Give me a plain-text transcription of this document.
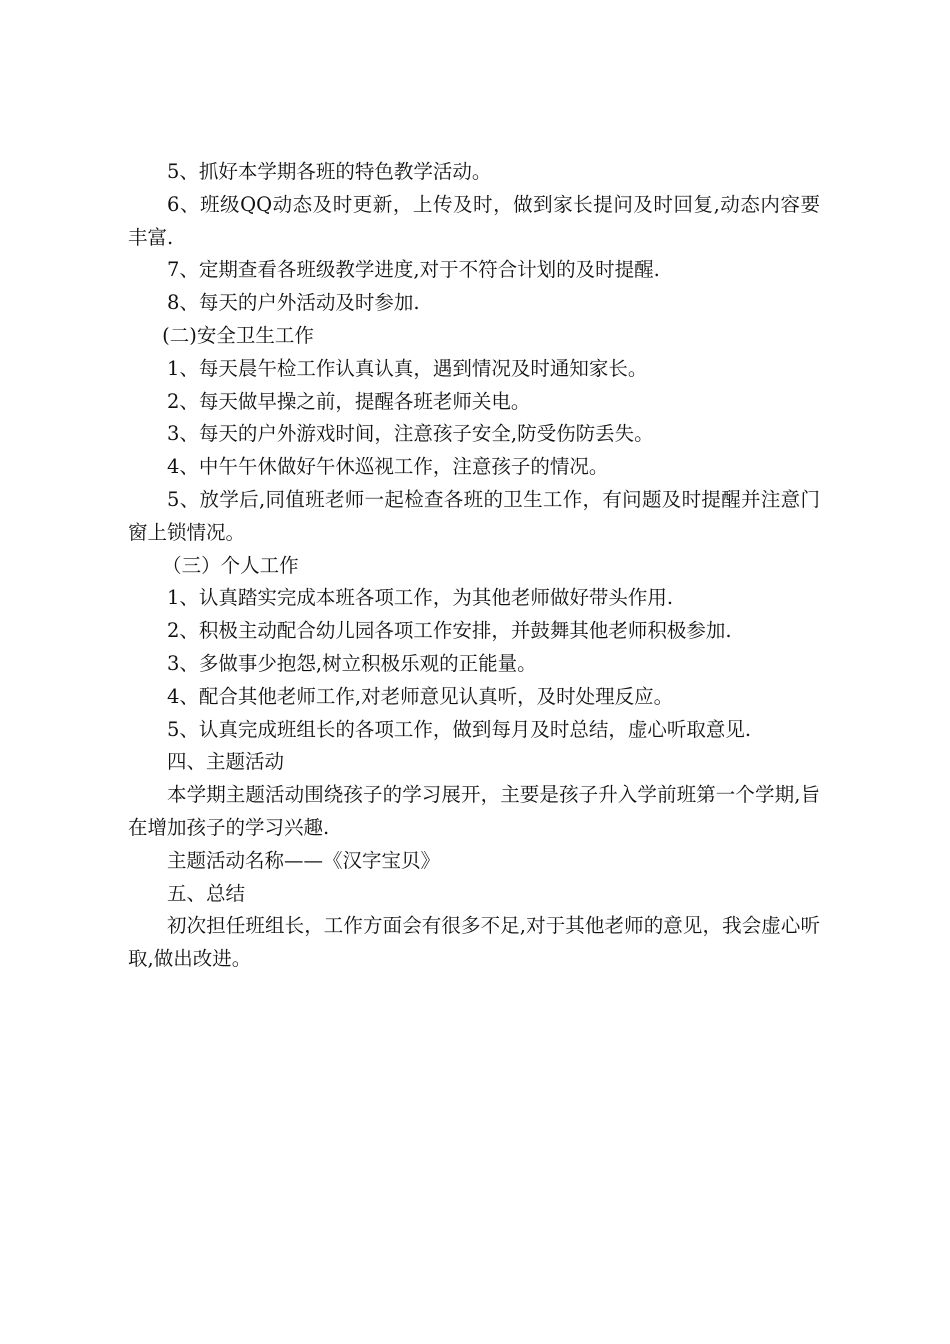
5、抓好本学期各班的特色教学活动。

6、班级QQ动态及时更新，上传及时，做到家长提问及时回复,动态内容要丰富.

7、定期查看各班级教学进度,对于不符合计划的及时提醒.

8、每天的户外活动及时参加.

(二)安全卫生工作

1、每天晨午检工作认真认真，遇到情况及时通知家长。

2、每天做早操之前，提醒各班老师关电。

3、每天的户外游戏时间，注意孩子安全,防受伤防丢失。

4、中午午休做好午休巡视工作，注意孩子的情况。

5、放学后,同值班老师一起检查各班的卫生工作，有问题及时提醒并注意门窗上锁情况。

（三）个人工作

1、认真踏实完成本班各项工作，为其他老师做好带头作用.

2、积极主动配合幼儿园各项工作安排，并鼓舞其他老师积极参加.

3、多做事少抱怨,树立积极乐观的正能量。

4、配合其他老师工作,对老师意见认真听，及时处理反应。

5、认真完成班组长的各项工作，做到每月及时总结，虚心听取意见.

四、主题活动

本学期主题活动围绕孩子的学习展开，主要是孩子升入学前班第一个学期,旨在增加孩子的学习兴趣.

主题活动名称——《汉字宝贝》

五、总结

初次担任班组长，工作方面会有很多不足,对于其他老师的意见，我会虚心听取,做出改进。
